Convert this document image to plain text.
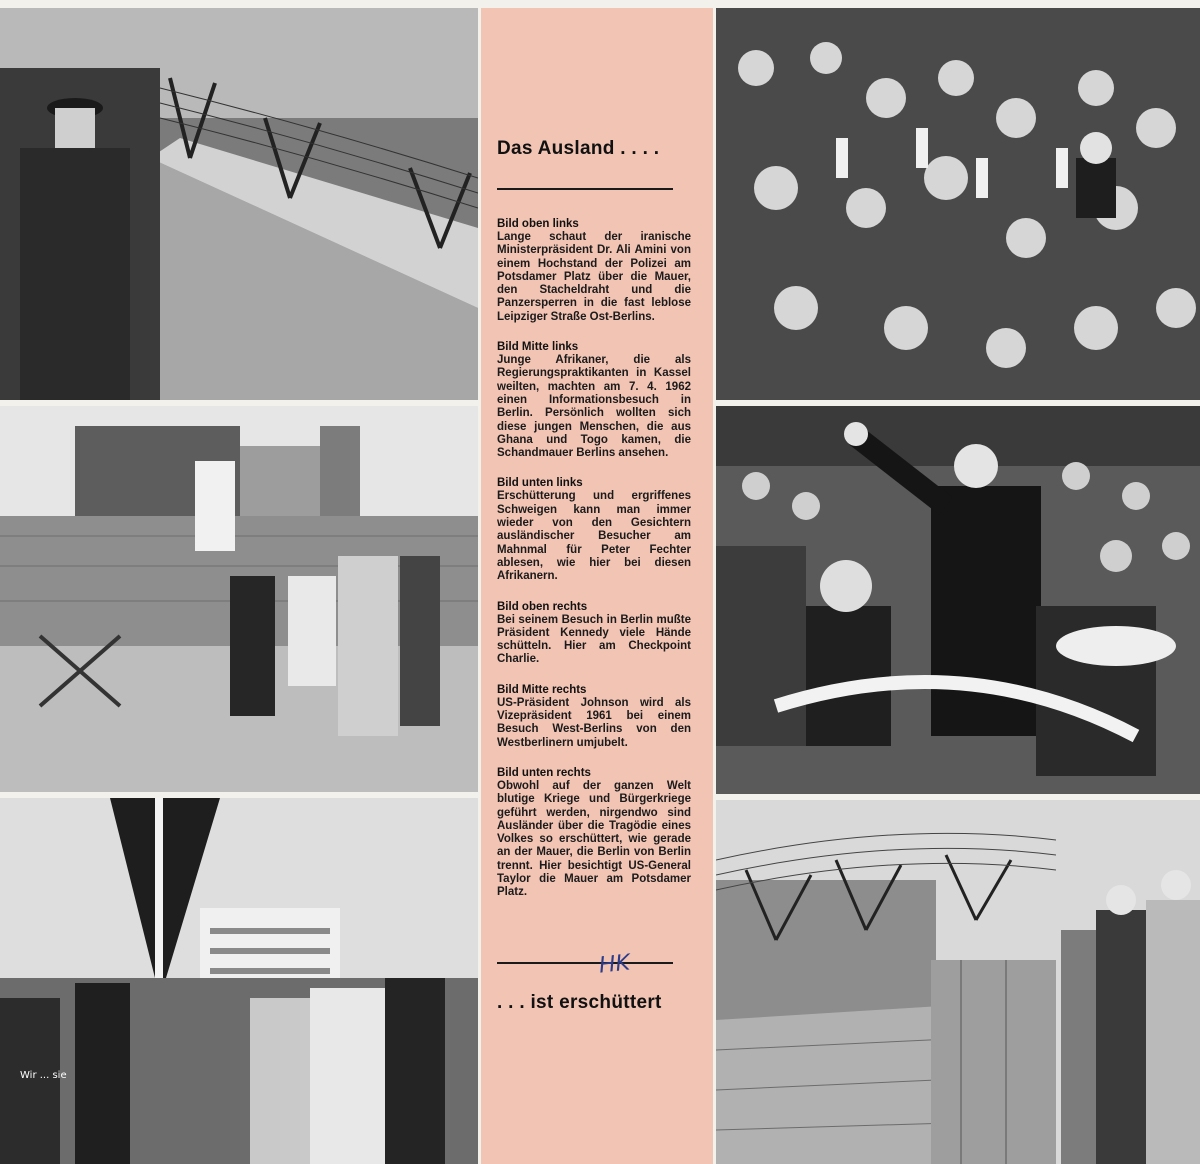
Wir ... sie
Das Ausland . . . .
Bild oben links
Lange schaut der iranische Ministerpräsident Dr. Ali Amini von einem Hochstand der Polizei am Potsdamer Platz über die Mauer, den Stacheldraht und die Panzersperren in die fast leblose Leipziger Straße Ost-Berlins.
Bild Mitte links
Junge Afrikaner, die als Regierungspraktikanten in Kassel weilten, machten am 7. 4. 1962 einen Informationsbesuch in Berlin. Persönlich wollten sich diese jungen Menschen, die aus Ghana und Togo kamen, die Schandmauer Berlins ansehen.
Bild unten links
Erschütterung und ergriffenes Schweigen kann man immer wieder von den Gesichtern ausländischer Besucher am Mahnmal für Peter Fechter ablesen, wie hier bei diesen Afrikanern.
Bild oben rechts
Bei seinem Besuch in Berlin mußte Präsident Kennedy viele Hände schütteln. Hier am Checkpoint Charlie.
Bild Mitte rechts
US-Präsident Johnson wird als Vizepräsident 1961 bei einem Besuch West-Berlins von den Westberlinern umjubelt.
Bild unten rechts
Obwohl auf der ganzen Welt blutige Kriege und Bürgerkriege geführt werden, nirgendwo sind Ausländer über die Tragödie eines Volkes so erschüttert, wie gerade an der Mauer, die Berlin von Berlin trennt. Hier besichtigt US-General Taylor die Mauer am Potsdamer Platz.
HK
. . . ist erschüttert
